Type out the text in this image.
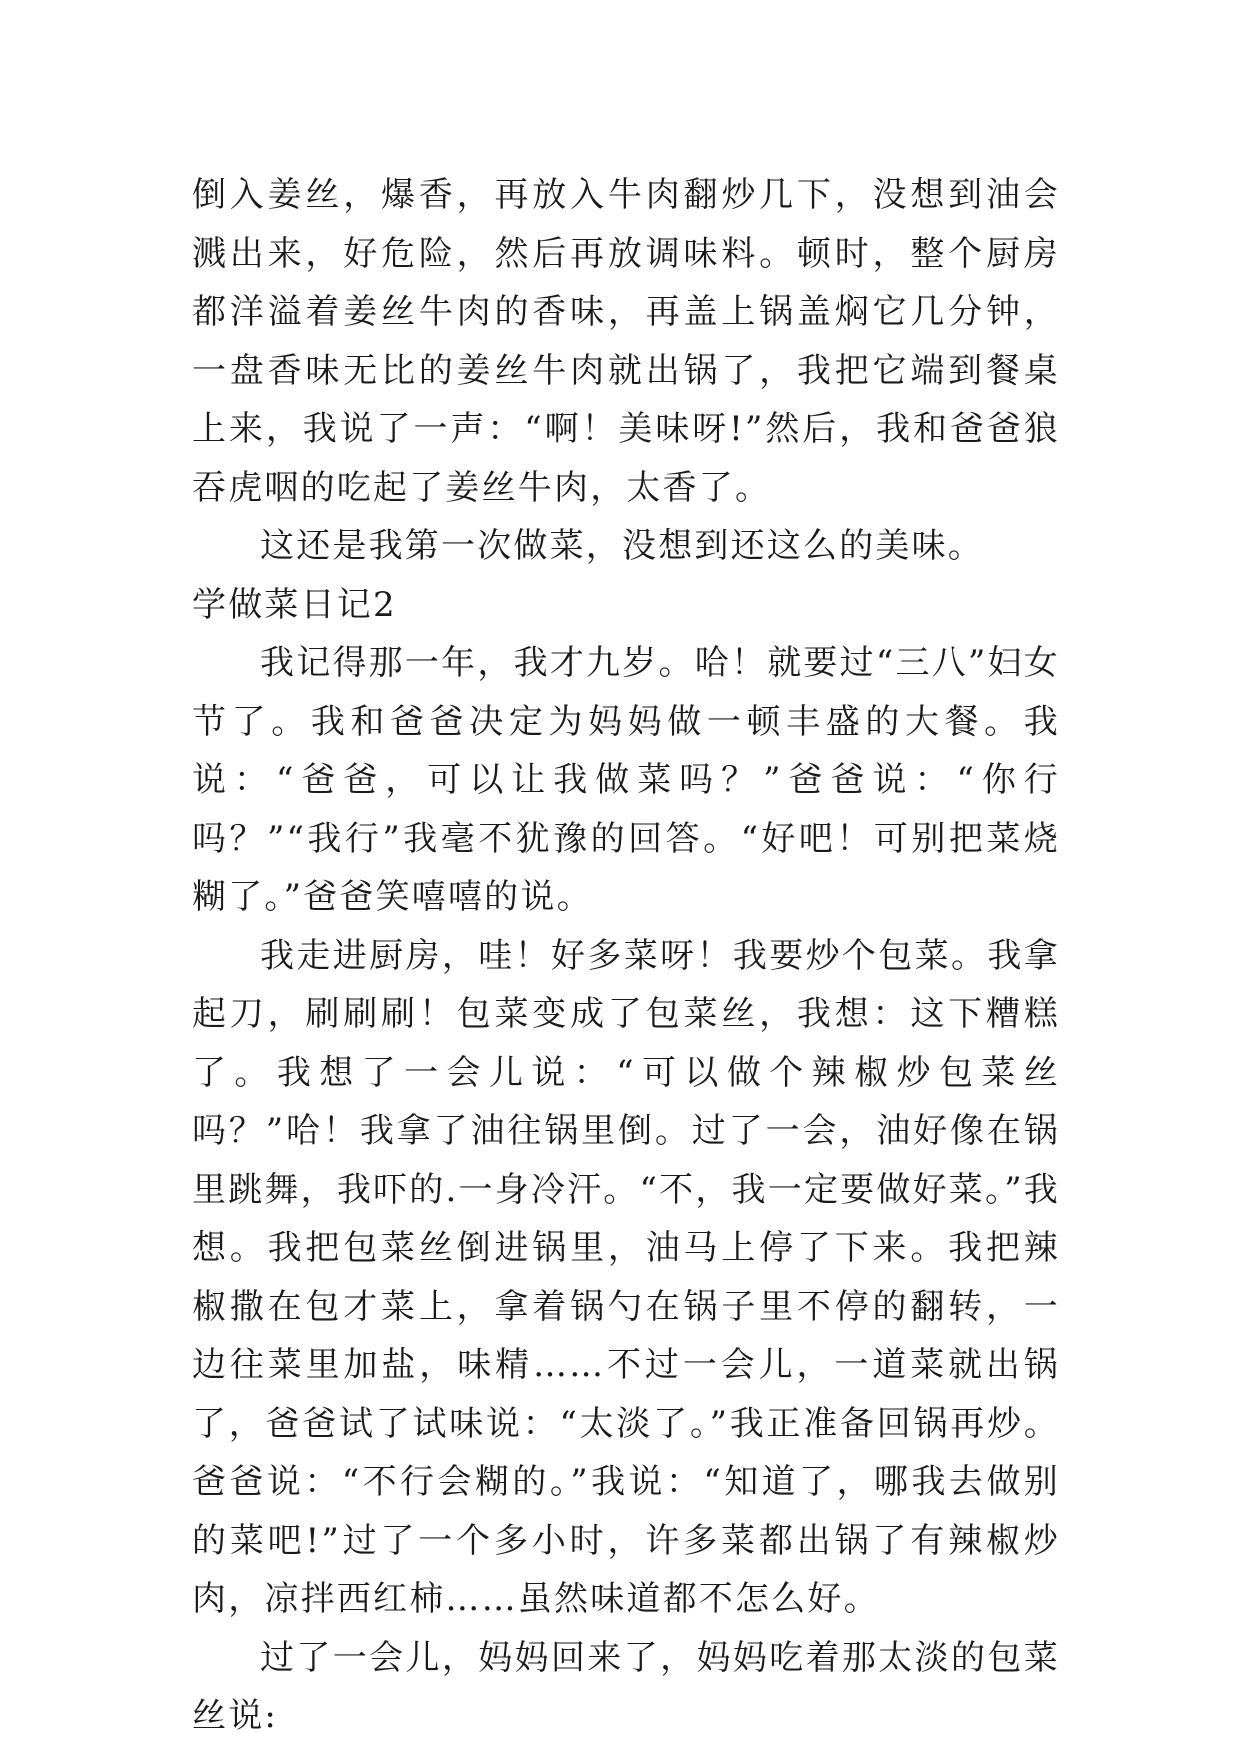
倒入姜丝，爆香，再放入牛肉翻炒几下，没想到油会溅出来，好危险，然后再放调味料。顿时，整个厨房都洋溢着姜丝牛肉的香味，再盖上锅盖焖它几分钟，一盘香味无比的姜丝牛肉就出锅了，我把它端到餐桌上来，我说了一声：“啊！美味呀!”然后，我和爸爸狼吞虎咽的吃起了姜丝牛肉，太香了。

这还是我第一次做菜，没想到还这么的美味。

学做菜日记2

我记得那一年，我才九岁。哈！就要过“三八”妇女节了。我和爸爸决定为妈妈做一顿丰盛的大餐。我说：“爸爸，可以让我做菜吗？”爸爸说：“你行吗？”“我行”我毫不犹豫的回答。“好吧！可别把菜烧糊了。”爸爸笑嘻嘻的说。

我走进厨房，哇！好多菜呀！我要炒个包菜。我拿起刀，刷刷刷！包菜变成了包菜丝，我想：这下糟糕了。我想了一会儿说：“可以做个辣椒炒包菜丝吗？”哈！我拿了油往锅里倒。过了一会，油好像在锅里跳舞，我吓的.一身冷汗。“不，我一定要做好菜。”我想。我把包菜丝倒进锅里，油马上停了下来。我把辣椒撒在包才菜上，拿着锅勺在锅子里不停的翻转，一边往菜里加盐，味精……不过一会儿，一道菜就出锅了，爸爸试了试味说：“太淡了。”我正准备回锅再炒。爸爸说：“不行会糊的。”我说：“知道了，哪我去做别的菜吧!”过了一个多小时，许多菜都出锅了有辣椒炒肉，凉拌西红柿……虽然味道都不怎么好。

过了一会儿，妈妈回来了，妈妈吃着那太淡的包菜丝说:
